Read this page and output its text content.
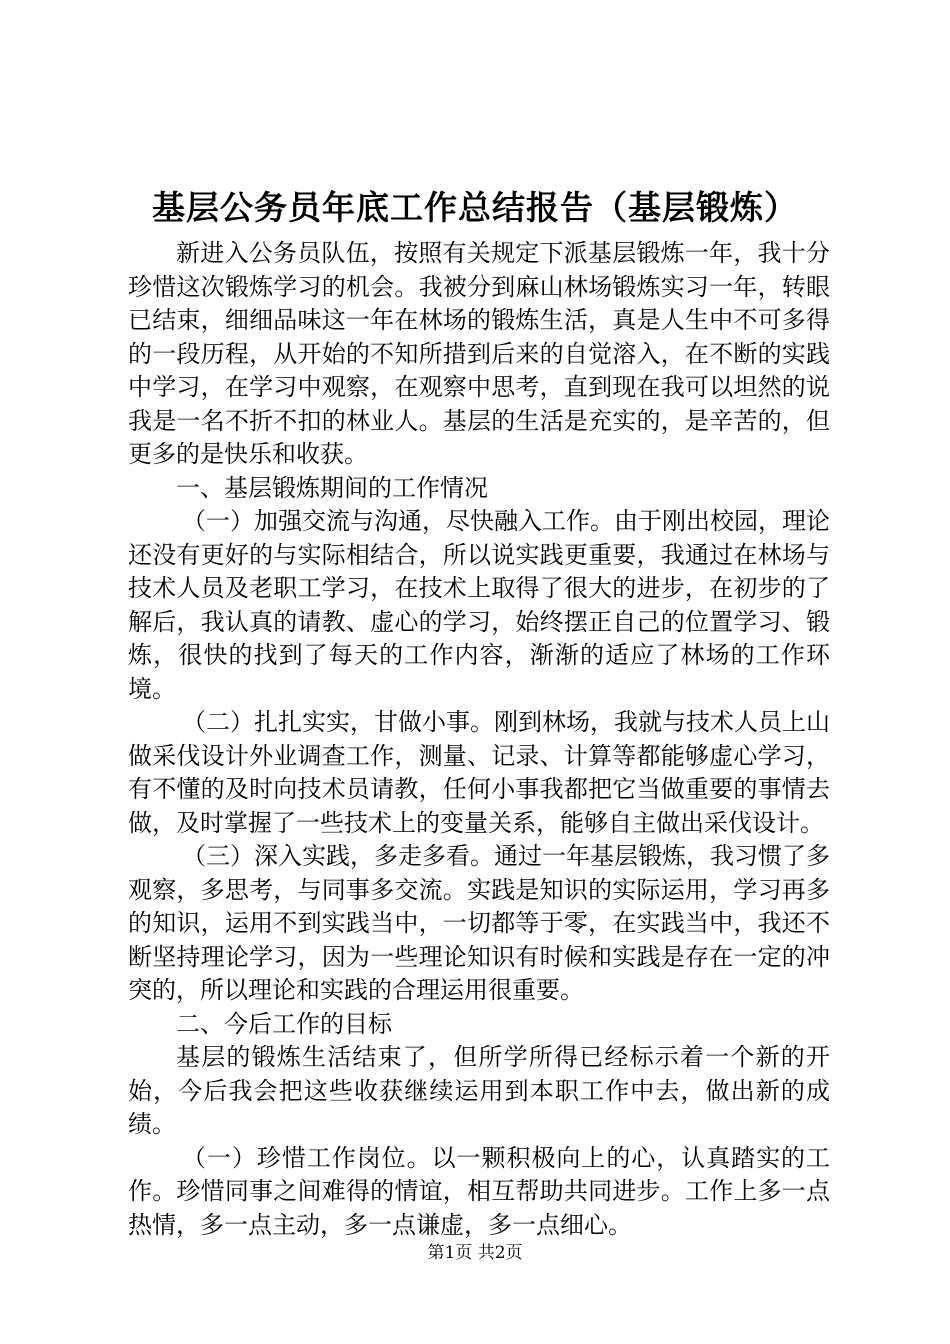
基层公务员年底工作总结报告（基层锻炼）

新进入公务员队伍，按照有关规定下派基层锻炼一年，我十分珍惜这次锻炼学习的机会。我被分到麻山林场锻炼实习一年，转眼已结束，细细品味这一年在林场的锻炼生活，真是人生中不可多得的一段历程，从开始的不知所措到后来的自觉溶入，在不断的实践中学习，在学习中观察，在观察中思考，直到现在我可以坦然的说我是一名不折不扣的林业人。基层的生活是充实的，是辛苦的，但更多的是快乐和收获。

一、基层锻炼期间的工作情况

（一）加强交流与沟通，尽快融入工作。由于刚出校园，理论还没有更好的与实际相结合，所以说实践更重要，我通过在林场与技术人员及老职工学习，在技术上取得了很大的进步，在初步的了解后，我认真的请教、虚心的学习，始终摆正自己的位置学习、锻炼，很快的找到了每天的工作内容，渐渐的适应了林场的工作环境。

（二）扎扎实实，甘做小事。刚到林场，我就与技术人员上山做采伐设计外业调查工作，测量、记录、计算等都能够虚心学习，有不懂的及时向技术员请教，任何小事我都把它当做重要的事情去做，及时掌握了一些技术上的变量关系，能够自主做出采伐设计。

（三）深入实践，多走多看。通过一年基层锻炼，我习惯了多观察，多思考，与同事多交流。实践是知识的实际运用，学习再多的知识，运用不到实践当中，一切都等于零，在实践当中，我还不断坚持理论学习，因为一些理论知识有时候和实践是存在一定的冲突的，所以理论和实践的合理运用很重要。

二、今后工作的目标

基层的锻炼生活结束了，但所学所得已经标示着一个新的开始，今后我会把这些收获继续运用到本职工作中去，做出新的成绩。

（一）珍惜工作岗位。以一颗积极向上的心，认真踏实的工作。珍惜同事之间难得的情谊，相互帮助共同进步。工作上多一点热情，多一点主动，多一点谦虚，多一点细心。

第1页 共2页
